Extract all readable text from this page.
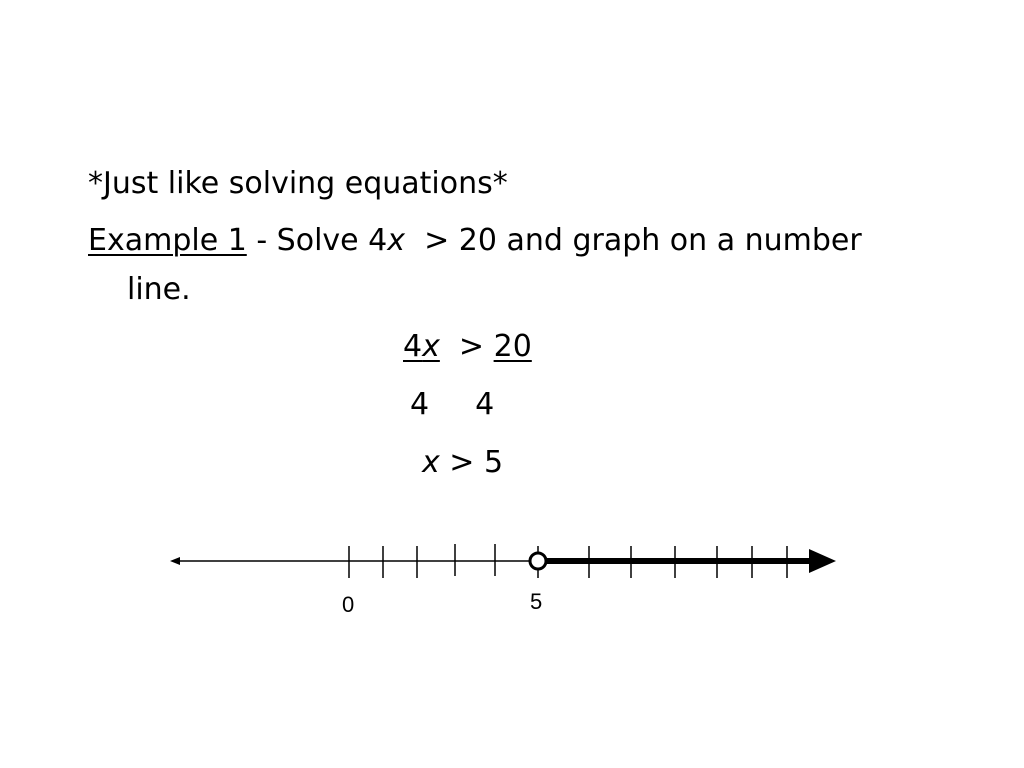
*Just like solving equations*
Example 1 - Solve 4x  > 20 and graph on a number
line.
4x  > 20
4 4
x > 5
0	5
